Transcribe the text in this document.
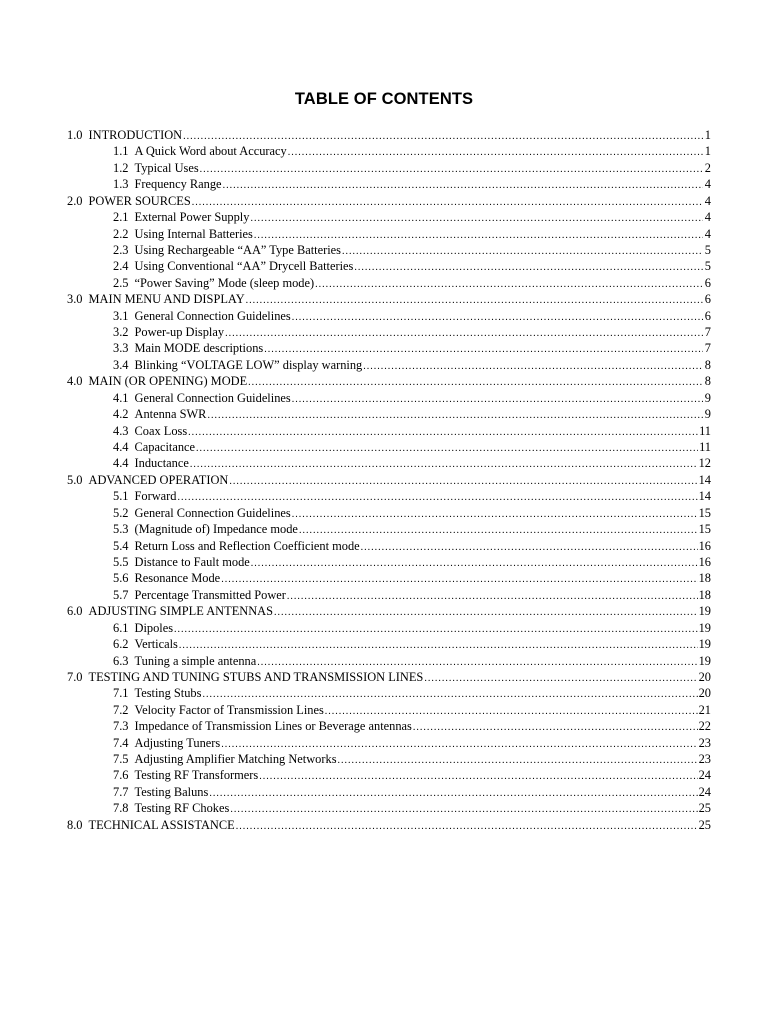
TABLE OF CONTENTS
1.0 INTRODUCTION .....	1
1.1 A Quick Word about Accuracy .....	1
1.2 Typical Uses .....	2
1.3 Frequency Range .....	4
2.0 POWER SOURCES .....	4
2.1 External Power Supply .....	4
2.2 Using Internal Batteries .....	4
2.3 Using Rechargeable “AA” Type Batteries .....	5
2.4 Using Conventional “AA” Drycell Batteries .....	5
2.5 “Power Saving” Mode (sleep mode) .....	6
3.0 MAIN MENU AND DISPLAY .....	6
3.1 General Connection Guidelines .....	6
3.2 Power-up Display .....	7
3.3 Main MODE descriptions .....	7
3.4 Blinking “VOLTAGE LOW” display warning .....	8
4.0 MAIN (OR OPENING) MODE .....	8
4.1 General Connection Guidelines .....	9
4.2 Antenna SWR .....	9
4.3 Coax Loss .....	11
4.4 Capacitance .....	11
4.4 Inductance .....	12
5.0 ADVANCED OPERATION .....	14
5.1 Forward .....	14
5.2 General Connection Guidelines .....	15
5.3 (Magnitude of) Impedance mode .....	15
5.4 Return Loss and Reflection Coefficient mode .....	16
5.5 Distance to Fault mode .....	16
5.6 Resonance Mode .....	18
5.7 Percentage Transmitted Power .....	18
6.0 ADJUSTING SIMPLE ANTENNAS .....	19
6.1 Dipoles .....	19
6.2 Verticals .....	19
6.3 Tuning a simple antenna .....	19
7.0 TESTING AND TUNING STUBS AND TRANSMISSION LINES .....	20
7.1 Testing Stubs .....	20
7.2 Velocity Factor of Transmission Lines .....	21
7.3 Impedance of Transmission Lines or Beverage antennas .....	22
7.4 Adjusting Tuners .....	23
7.5 Adjusting Amplifier Matching Networks .....	23
7.6 Testing RF Transformers .....	24
7.7 Testing Baluns .....	24
7.8 Testing RF Chokes .....	25
8.0 TECHNICAL ASSISTANCE .....	25
